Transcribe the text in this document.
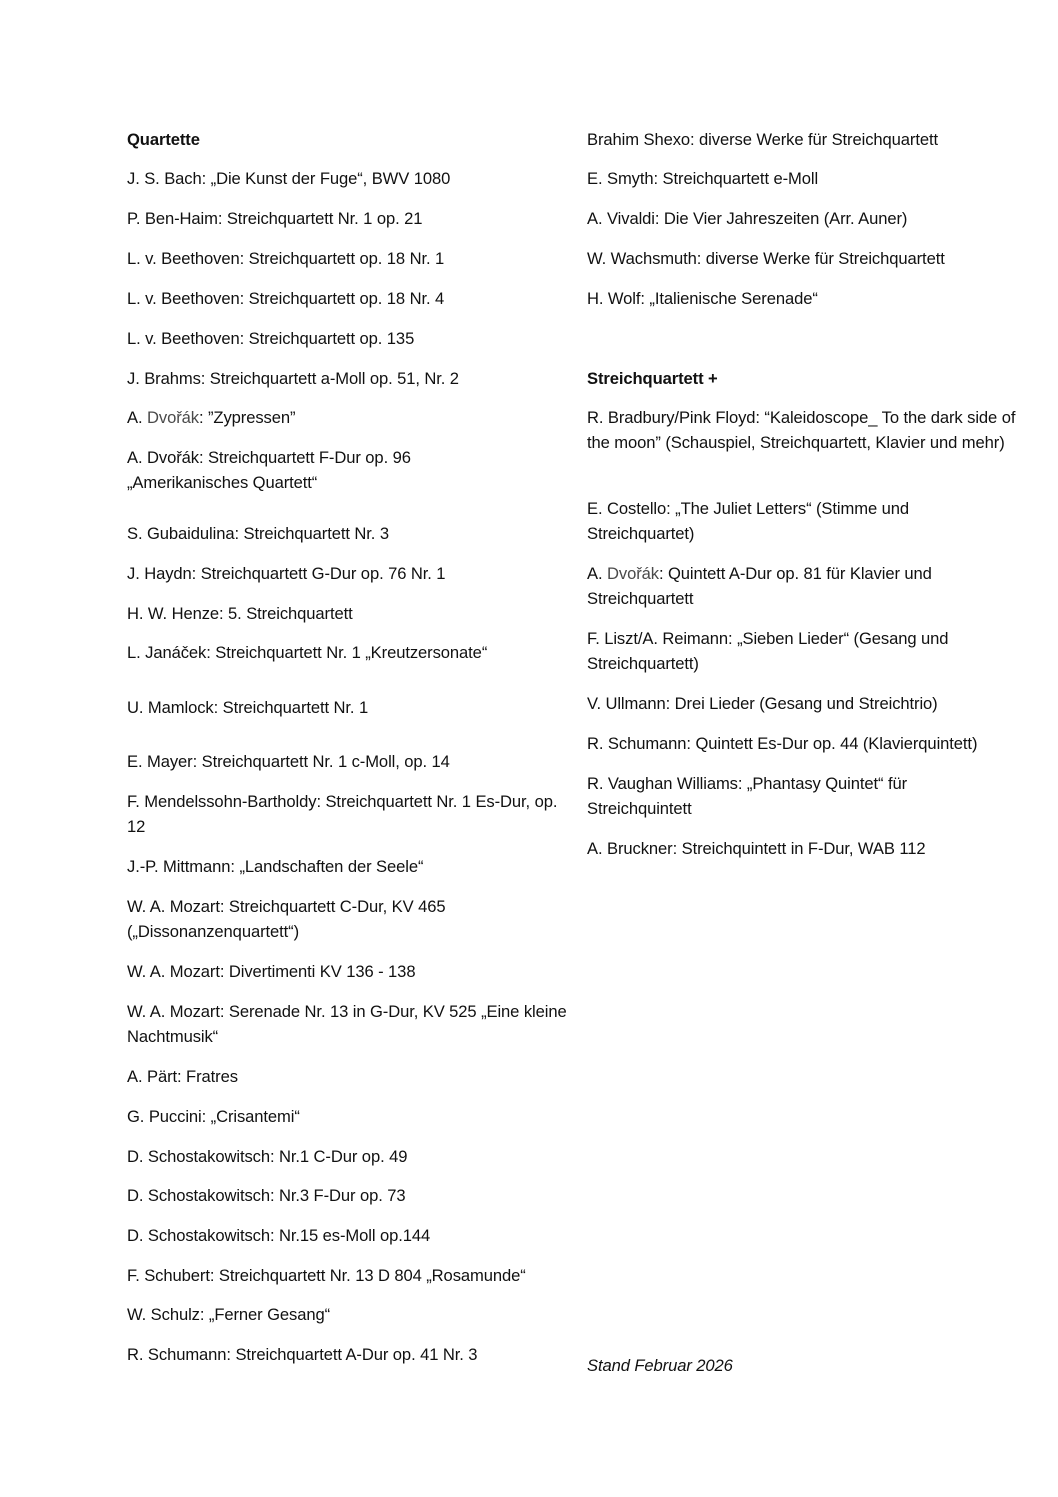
Quartette
J. S. Bach: „Die Kunst der Fuge“, BWV 1080
P. Ben-Haim: Streichquartett Nr. 1 op. 21
L. v. Beethoven: Streichquartett op. 18 Nr. 1
L. v. Beethoven: Streichquartett op. 18 Nr. 4
L. v. Beethoven: Streichquartett op. 135
J. Brahms: Streichquartett a-Moll op. 51, Nr. 2
A. Dvořák: ”Zypressen”
A. Dvořák: Streichquartett F-Dur op. 96 „Amerikanisches Quartett“
S. Gubaidulina: Streichquartett Nr. 3
J. Haydn: Streichquartett G-Dur op. 76 Nr. 1
H. W. Henze: 5. Streichquartett
L. Janáček: Streichquartett Nr. 1 „Kreutzersonate“
U. Mamlock: Streichquartett Nr. 1
E. Mayer: Streichquartett Nr. 1 c-Moll, op. 14
F. Mendelssohn-Bartholdy: Streichquartett Nr. 1 Es-Dur, op. 12
J.-P. Mittmann: „Landschaften der Seele“
W. A. Mozart: Streichquartett C-Dur, KV 465 („Dissonanzenquartett“)
W. A. Mozart: Divertimenti KV 136 - 138
W. A. Mozart: Serenade Nr. 13 in G-Dur, KV 525 „Eine kleine Nachtmusik“
A. Pärt: Fratres
G. Puccini: „Crisantemi“
D. Schostakowitsch: Nr.1 C-Dur op. 49
D. Schostakowitsch: Nr.3 F-Dur op. 73
D. Schostakowitsch: Nr.15 es-Moll op.144
F. Schubert: Streichquartett Nr. 13 D 804 „Rosamunde“
W. Schulz: „Ferner Gesang“
R. Schumann: Streichquartett A-Dur op. 41 Nr. 3
Brahim Shexo: diverse Werke für Streichquartett
E. Smyth: Streichquartett e-Moll
A. Vivaldi: Die Vier Jahreszeiten (Arr. Auner)
W. Wachsmuth: diverse Werke für Streichquartett
H. Wolf: „Italienische Serenade“
Streichquartett +
R. Bradbury/Pink Floyd: “Kaleidoscope_ To the dark side of the moon” (Schauspiel, Streichquartett, Klavier und mehr)
E. Costello: „The Juliet Letters“ (Stimme und Streichquartet)
A. Dvořák: Quintett A-Dur op. 81 für Klavier und Streichquartett
F. Liszt/A. Reimann: „Sieben Lieder“ (Gesang und Streichquartett)
V. Ullmann: Drei Lieder (Gesang und Streichtrio)
R. Schumann: Quintett Es-Dur op. 44 (Klavierquintett)
R. Vaughan Williams: „Phantasy Quintet“ für Streichquintett
A. Bruckner: Streichquintett in F-Dur, WAB 112
Stand Februar 2026
